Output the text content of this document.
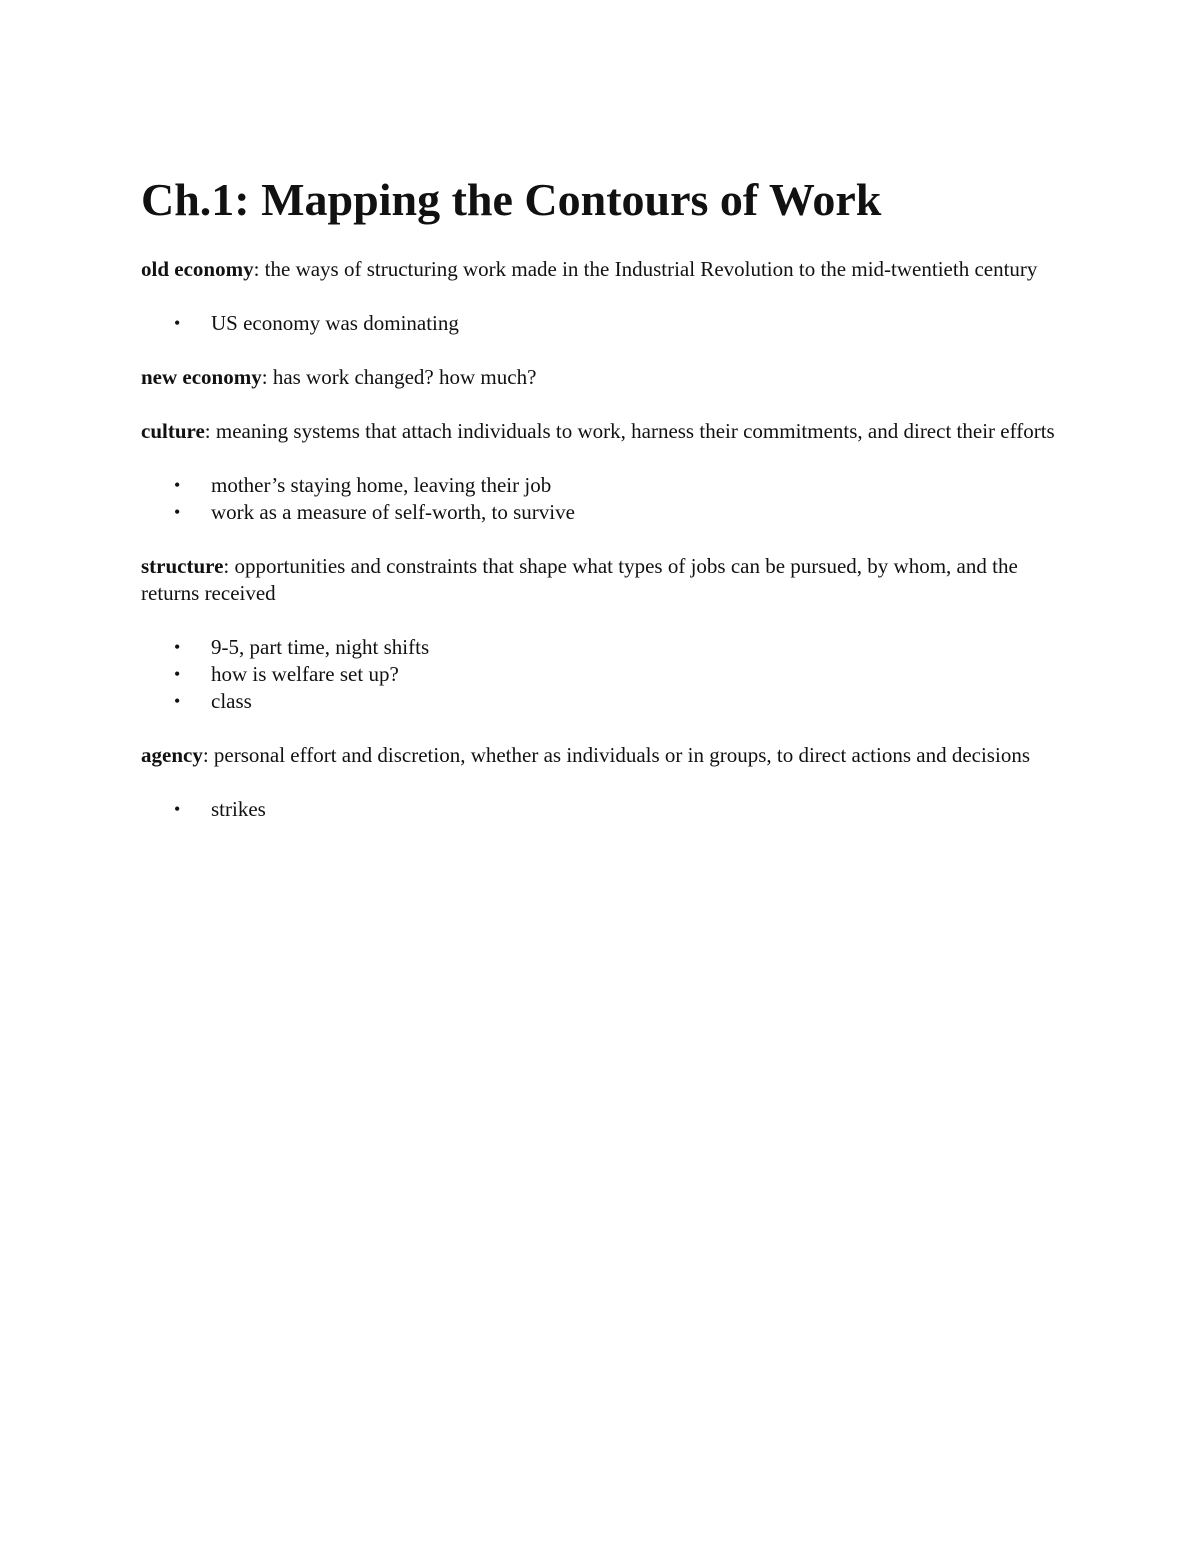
Ch.1: Mapping the Contours of Work

old economy: the ways of structuring work made in the Industrial Revolution to the mid-twentieth century

• US economy was dominating

new economy: has work changed? how much?

culture: meaning systems that attach individuals to work, harness their commitments, and direct their efforts

• mother’s staying home, leaving their job
• work as a measure of self-worth, to survive

structure: opportunities and constraints that shape what types of jobs can be pursued, by whom, and the returns received

• 9-5, part time, night shifts
• how is welfare set up?
• class

agency: personal effort and discretion, whether as individuals or in groups, to direct actions and decisions

• strikes
